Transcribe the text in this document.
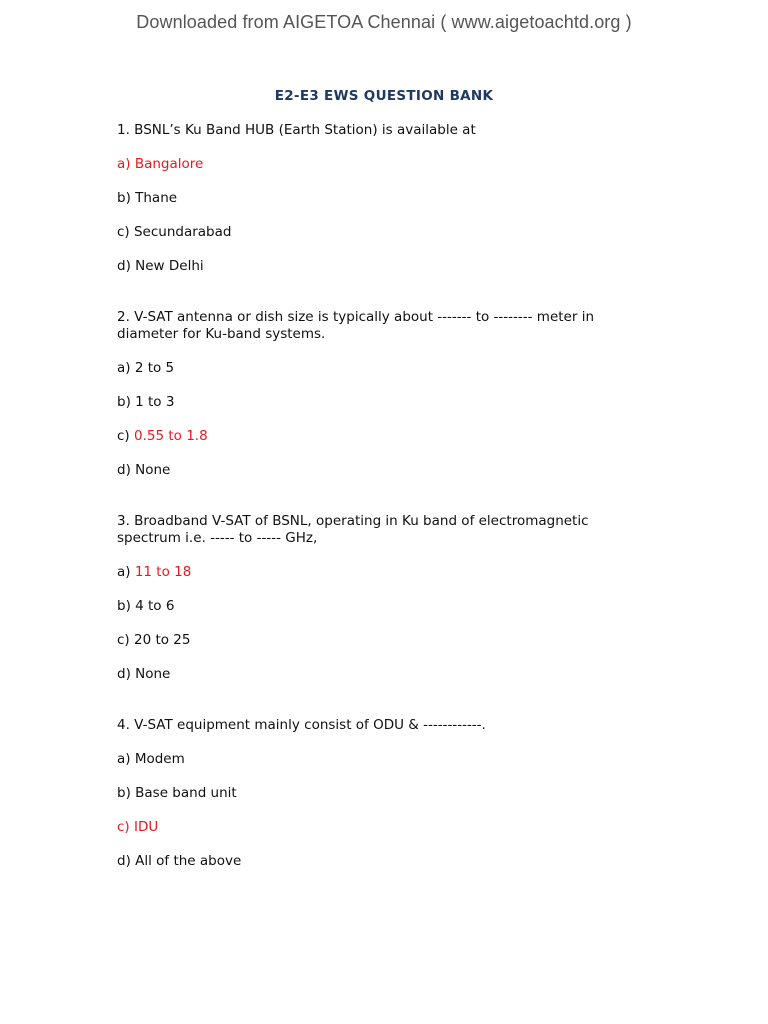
Downloaded from AIGETOA Chennai ( www.aigetoachtd.org )
E2-E3 EWS QUESTION BANK

1. BSNL’s Ku Band HUB (Earth Station) is available at

a) Bangalore

b) Thane

c) Secundarabad

d) New Delhi

2. V-SAT antenna or dish size is typically about ------- to -------- meter in
diameter for Ku-band systems.

a) 2 to 5

b) 1 to 3

c) 0.55 to 1.8

d) None

3. Broadband V-SAT of BSNL, operating in Ku band of electromagnetic
spectrum i.e. ----- to ----- GHz,

a) 11 to 18

b) 4 to 6

c) 20 to 25

d) None

4. V-SAT equipment mainly consist of ODU & ------------.

a) Modem

b) Base band unit

c) IDU

d) All of the above
